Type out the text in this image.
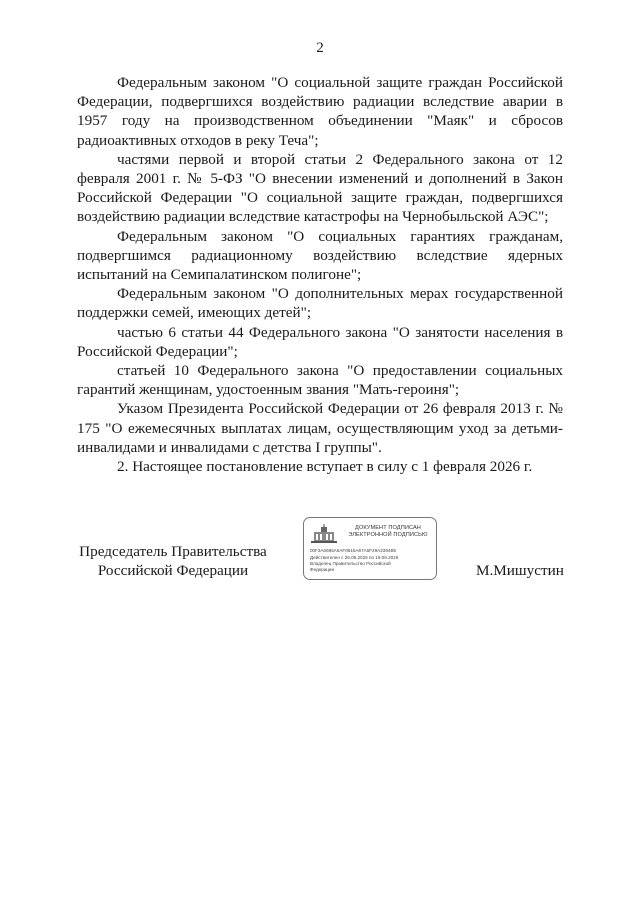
2

Федеральным законом "О социальной защите граждан Российской Федерации, подвергшихся воздействию радиации вследствие аварии в 1957 году на производственном объединении "Маяк" и сбросов радиоактивных отходов в реку Теча";

частями первой и второй статьи 2 Федерального закона от 12 февраля 2001 г. № 5-ФЗ "О внесении изменений и дополнений в Закон Российской Федерации "О социальной защите граждан, подвергшихся воздействию радиации вследствие катастрофы на Чернобыльской АЭС";

Федеральным законом "О социальных гарантиях гражданам, подвергшимся радиационному воздействию вследствие ядерных испытаний на Семипалатинском полигоне";

Федеральным законом "О дополнительных мерах государственной поддержки семей, имеющих детей";

частью 6 статьи 44 Федерального закона "О занятости населения в Российской Федерации";

статьей 10 Федерального закона "О предоставлении социальных гарантий женщинам, удостоенным звания "Мать-героиня";

Указом Президента Российской Федерации от 26 февраля 2013 г. № 175 "О ежемесячных выплатах лицам, осуществляющим уход за детьми-инвалидами и инвалидами с детства I группы".

2. Настоящее постановление вступает в силу с 1 февраля 2026 г.

Председатель Правительства
Российской Федерации
ДОКУМЕНТ ПОДПИСАН
ЭЛЕКТРОННОЙ ПОДПИСЬЮ
00F3A0695A6AF0615A67A5F29A2394B5
Действителен с 26.06.2025 по 19.09.2026
Владелец Правительство Российской
Федерации	М.Мишустин
